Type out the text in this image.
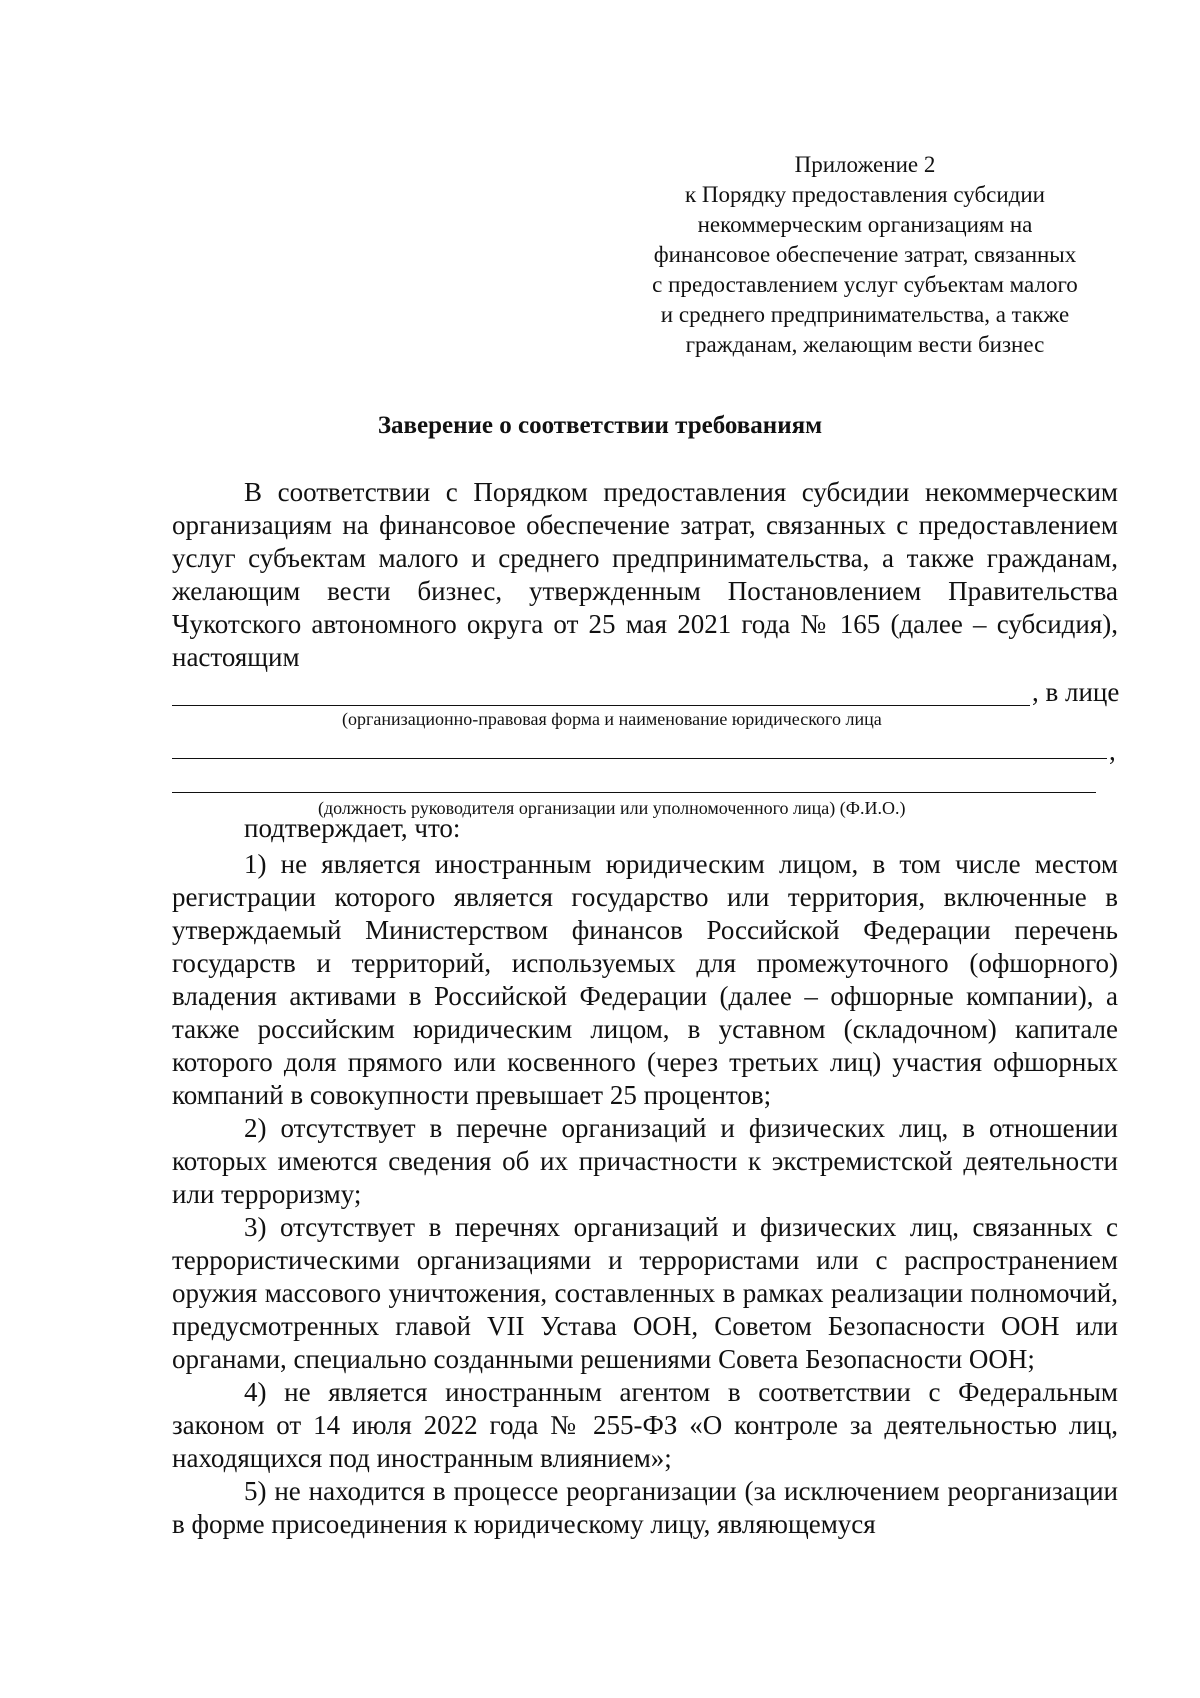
Приложение 2
к Порядку предоставления субсидии
некоммерческим организациям на
финансовое обеспечение затрат, связанных
с предоставлением услуг субъектам малого
и среднего предпринимательства, а также
гражданам, желающим вести бизнес
Заверение о соответствии требованиям

В соответствии с Порядком предоставления субсидии некоммерческим организациям на финансовое обеспечение затрат, связанных с предоставлением услуг субъектам малого и среднего предпринимательства, а также гражданам, желающим вести бизнес, утвержденным Постановлением Правительства Чукотского автономного округа от 25 мая 2021 года № 165 (далее – субсидия), настоящим

, в лице
(организационно-правовая форма и наименование юридического лица
,
(должность руководителя организации или уполномоченного лица) (Ф.И.О.)

подтверждает, что:

1) не является иностранным юридическим лицом, в том числе местом регистрации которого является государство или территория, включенные в утверждаемый Министерством финансов Российской Федерации перечень государств и территорий, используемых для промежуточного (офшорного) владения активами в Российской Федерации (далее – офшорные компании), а также российским юридическим лицом, в уставном (складочном) капитале которого доля прямого или косвенного (через третьих лиц) участия офшорных компаний в совокупности превышает 25 процентов;

2) отсутствует в перечне организаций и физических лиц, в отношении которых имеются сведения об их причастности к экстремистской деятельности или терроризму;

3) отсутствует в перечнях организаций и физических лиц, связанных с террористическими организациями и террористами или с распространением оружия массового уничтожения, составленных в рамках реализации полномочий, предусмотренных главой VII Устава ООН, Советом Безопасности ООН или органами, специально созданными решениями Совета Безопасности ООН;

4) не является иностранным агентом в соответствии с Федеральным законом от 14 июля 2022 года № 255-ФЗ «О контроле за деятельностью лиц, находящихся под иностранным влиянием»;

5) не находится в процессе реорганизации (за исключением реорганизации в форме присоединения к юридическому лицу, являющемуся
